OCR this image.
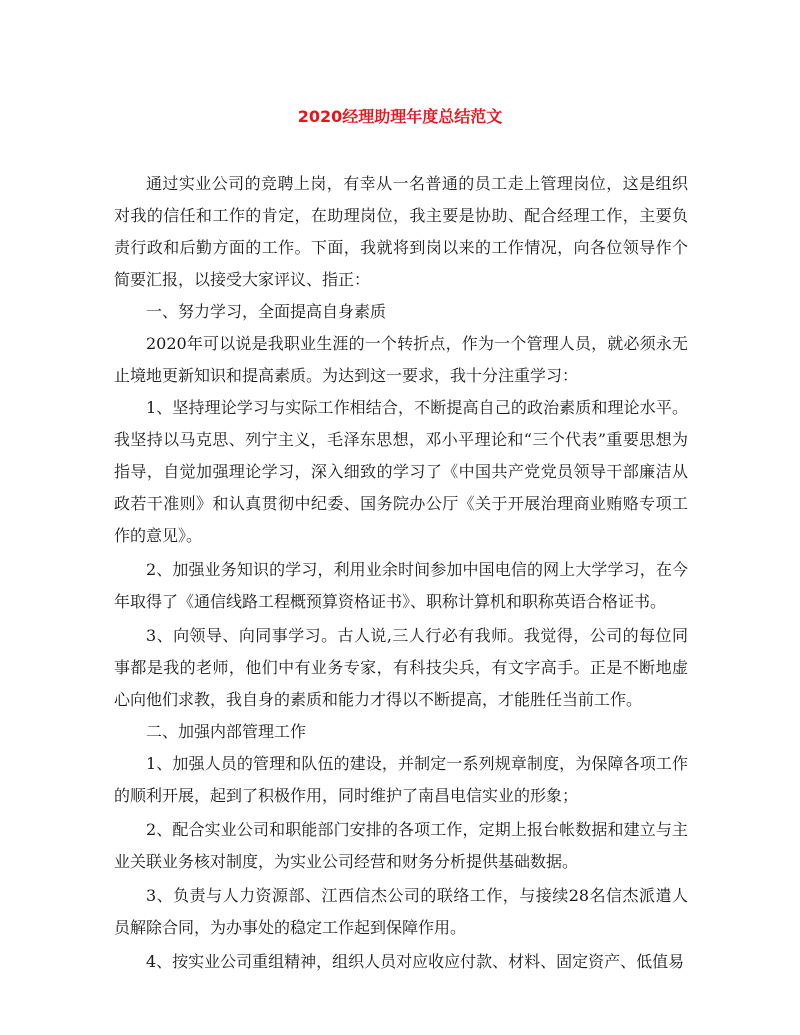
2020经理助理年度总结范文

通过实业公司的竞聘上岗，有幸从一名普通的员工走上管理岗位，这是组织对我的信任和工作的肯定，在助理岗位，我主要是协助、配合经理工作，主要负责行政和后勤方面的工作。下面，我就将到岗以来的工作情况，向各位领导作个简要汇报，以接受大家评议、指正：

一、努力学习，全面提高自身素质

2020年可以说是我职业生涯的一个转折点，作为一个管理人员，就必须永无止境地更新知识和提高素质。为达到这一要求，我十分注重学习：

1、坚持理论学习与实际工作相结合，不断提高自己的政治素质和理论水平。我坚持以马克思、列宁主义，毛泽东思想，邓小平理论和“三个代表”重要思想为指导，自觉加强理论学习，深入细致的学习了《中国共产党党员领导干部廉洁从政若干准则》和认真贯彻中纪委、国务院办公厅《关于开展治理商业贿赂专项工作的意见》。

2、加强业务知识的学习，利用业余时间参加中国电信的网上大学学习，在今年取得了《通信线路工程概预算资格证书》、职称计算机和职称英语合格证书。

3、向领导、向同事学习。古人说,三人行必有我师。我觉得，公司的每位同事都是我的老师，他们中有业务专家，有科技尖兵，有文字高手。正是不断地虚心向他们求教，我自身的素质和能力才得以不断提高，才能胜任当前工作。

二、加强内部管理工作

1、加强人员的管理和队伍的建设，并制定一系列规章制度，为保障各项工作的顺利开展，起到了积极作用，同时维护了南昌电信实业的形象；

2、配合实业公司和职能部门安排的各项工作，定期上报台帐数据和建立与主业关联业务核对制度，为实业公司经营和财务分析提供基础数据。

3、负责与人力资源部、江西信杰公司的联络工作，与接续28名信杰派遣人员解除合同，为办事处的稳定工作起到保障作用。

4、按实业公司重组精神，组织人员对应收应付款、材料、固定资产、低值易
